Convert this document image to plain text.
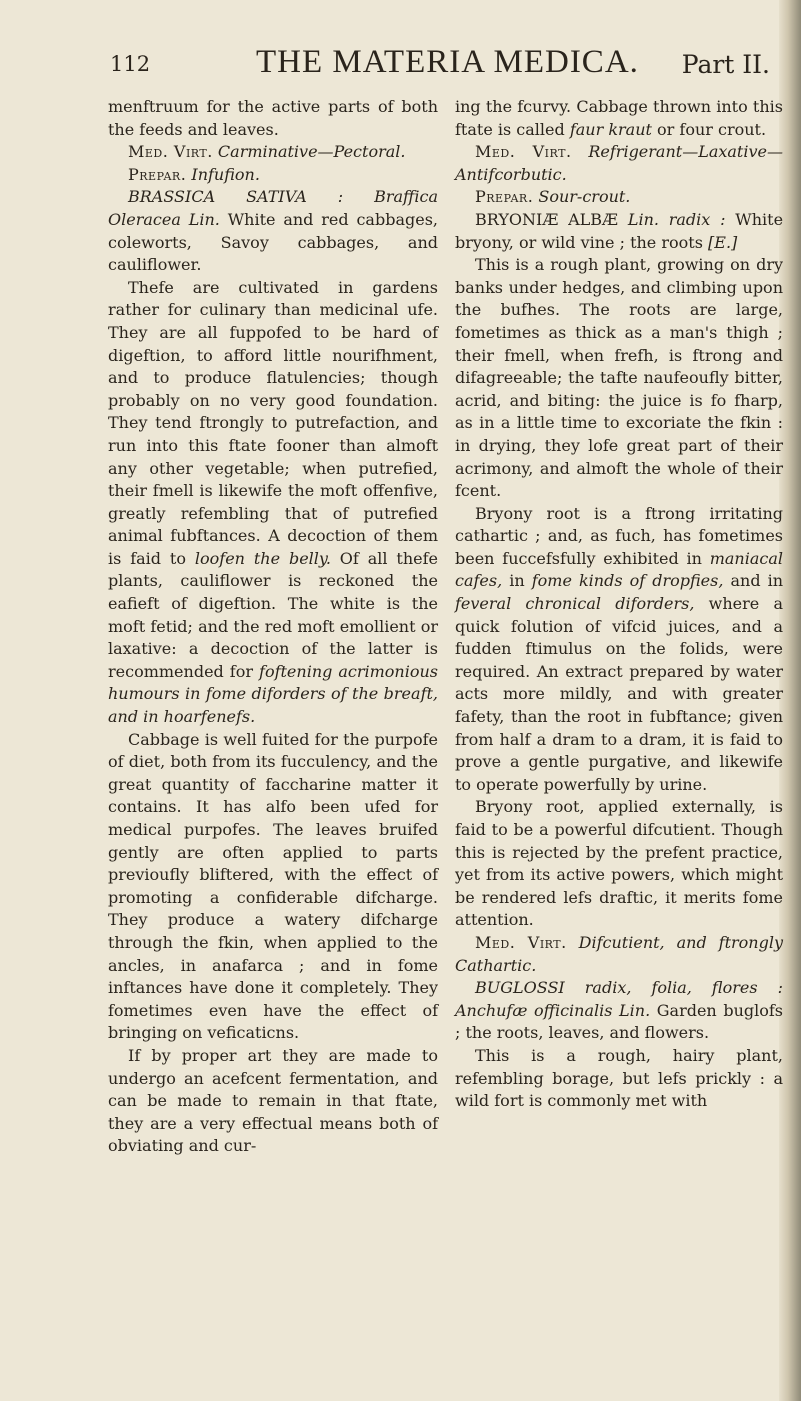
112	THE MATERIA MEDICA. Part II.

menftruum for the active parts of both the feeds and leaves.

Med. Virt. Carminative—Pectoral.

Prepar. Infufion.

BRASSICA SATIVA : Braffica Oleracea Lin. White and red cabbages, coleworts, Savoy cabbages, and cauliflower.

Thefe are cultivated in gardens rather for culinary than medicinal ufe. They are all fuppofed to be hard of digeftion, to afford little nourifhment, and to produce flatulencies; though probably on no very good foundation. They tend ftrongly to putrefaction, and run into this ftate fooner than almoft any other vegetable; when putrefied, their fmell is likewife the moft offenfive, greatly refembling that of putrefied animal fubftances. A decoction of them is faid to loofen the belly. Of all thefe plants, cauliflower is reckoned the eafieft of digeftion. The white is the moft fetid; and the red moft emollient or laxative: a decoction of the latter is recommended for foftening acrimonious humours in fome diforders of the breaft, and in hoarfenefs.

Cabbage is well fuited for the purpofe of diet, both from its fucculency, and the great quantity of faccharine matter it contains. It has alfo been ufed for medical purpofes. The leaves bruifed gently are often applied to parts previoufly bliftered, with the effect of promoting a confiderable difcharge. They produce a watery difcharge through the fkin, when applied to the ancles, in anafarca ; and in fome inftances have done it completely. They fometimes even have the effect of bringing on veficaticns.

If by proper art they are made to undergo an acefcent fermentation, and can be made to remain in that ftate, they are a very effectual means both of obviating and cur-

ing the fcurvy. Cabbage thrown into this ftate is called faur kraut or four crout.

Med. Virt. Refrigerant—Laxative—Antifcorbutic.

Prepar. Sour-crout.

BRYONIÆ ALBÆ Lin. radix : White bryony, or wild vine ; the roots [E.]

This is a rough plant, growing on dry banks under hedges, and climbing upon the bufhes. The roots are large, fometimes as thick as a man's thigh ; their fmell, when frefh, is ftrong and difagreeable; the tafte naufeoufly bitter, acrid, and biting: the juice is fo fharp, as in a little time to excoriate the fkin : in drying, they lofe great part of their acrimony, and almoft the whole of their fcent.

Bryony root is a ftrong irritating cathartic ; and, as fuch, has fometimes been fuccefsfully exhibited in maniacal cafes, in fome kinds of dropfies, and in feveral chronical diforders, where a quick folution of vifcid juices, and a fudden ftimulus on the folids, were required. An extract prepared by water acts more mildly, and with greater fafety, than the root in fubftance; given from half a dram to a dram, it is faid to prove a gentle purgative, and likewife to operate powerfully by urine.

Bryony root, applied externally, is faid to be a powerful difcutient. Though this is rejected by the prefent practice, yet from its active powers, which might be rendered lefs draftic, it merits fome attention.

Med. Virt. Difcutient, and ftrongly Cathartic.

BUGLOSSI radix, folia, flores : Anchufæ officinalis Lin. Garden buglofs ; the roots, leaves, and flowers.

This is a rough, hairy plant, refembling borage, but lefs prickly : a wild fort is commonly met with
